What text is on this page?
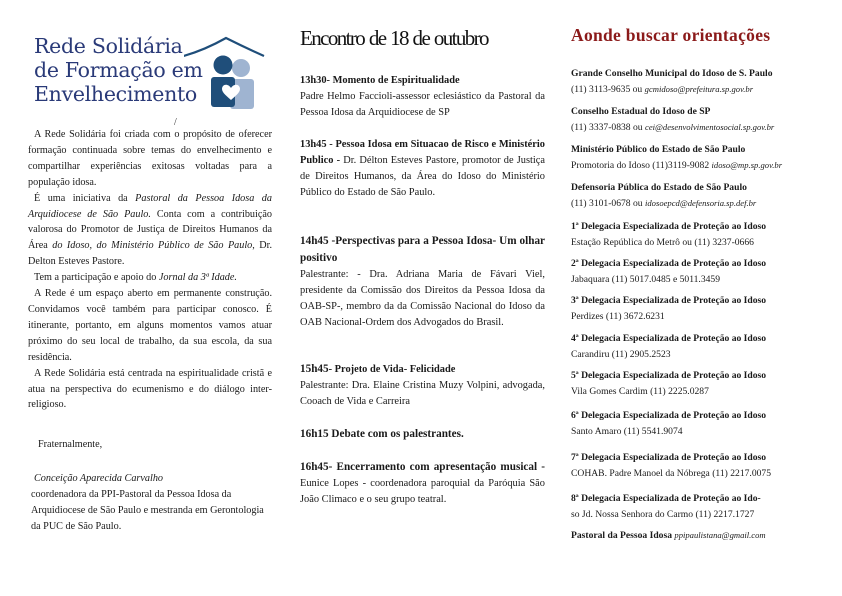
Rede Solidária
de Formação em
Envelhecimento
/

A Rede Solidária foi criada com o propósito de oferecer formação continuada sobre temas do envelhecimento e compartilhar experiências exitosas voltadas para a população idosa.

É uma iniciativa da Pastoral da Pessoa Idosa da Arquidiocese de São Paulo. Conta com a contribuição valorosa do Promotor de Justiça de Direitos Humanos da Área do Idoso, do Ministério Público de São Paulo, Dr. Delton Esteves Pastore.

Tem a participação e apoio do Jornal da 3ª Idade.

A Rede é um espaço aberto em permanente construção. Convidamos você também para participar conosco. É itinerante, portanto, em alguns momentos vamos atuar próximo do seu local de trabalho, da sua escola, da sua residência.

A Rede Solidária está centrada na espiritualidade cristã e atua na perspectiva do ecumenismo e do diálogo inter-religioso.

Fraternalmente,
Conceição Aparecida Carvalho
coordenadora da PPI-Pastoral da Pessoa Idosa da Arquidiocese de São Paulo e mestranda em Gerontologia da PUC de São Paulo.
Encontro de 18 de outubro
13h30- Momento de Espiritualidade
Padre Helmo Faccioli-assessor eclesiástico da Pastoral da Pessoa Idosa da Arquidiocese de SP
13h45 - Pessoa Idosa em Situacao de Risco e Ministério Publico - Dr. Délton Esteves Pastore, promotor de Justiça de Direitos Humanos, da Área do Idoso do Ministério Público do Estado de São Paulo.
14h45 -Perspectivas para a Pessoa Idosa- Um olhar positivo
Palestrante: - Dra. Adriana Maria de Fávari Viel, presidente da Comissão dos Direitos da Pessoa Idosa da OAB-SP-, membro da da Comissão Nacional do Idoso da OAB Nacional-Ordem dos Advogados do Brasil.
15h45- Projeto de Vida- Felicidade
Palestrante: Dra. Elaine Cristina Muzy Volpini, advogada, Cooach de Vida e Carreira
16h15 Debate com os palestrantes.
16h45- Encerramento com apresentação musical - Eunice Lopes - coordenadora paroquial da Paróquia São João Climaco e o seu grupo teatral.
Aonde buscar orientações
Grande Conselho Municipal do Idoso de S. Paulo
(11) 3113-9635 ou gcmidoso@prefeitura.sp.gov.br
Conselho Estadual do Idoso de SP
(11) 3337-0838 ou cei@desenvolvimentosocial.sp.gov.br
Ministério Público do Estado de São Paulo
Promotoria do Idoso (11)3119-9082 idoso@mp.sp.gov.br
Defensoria Pública do Estado de São Paulo
(11) 3101-0678 ou idosoepcd@defensoria.sp.def.br
1ª Delegacia Especializada de Proteção ao Idoso
Estação República do Metrô ou (11) 3237-0666
2ª Delegacia Especializada de Proteção ao Idoso
Jabaquara (11) 5017.0485 e 5011.3459
3ª Delegacia Especializada de Proteção ao Idoso
Perdizes (11) 3672.6231
4ª Delegacia Especializada de Proteção ao Idoso
Carandiru (11) 2905.2523
5ª Delegacia Especializada de Proteção ao Idoso
Vila Gomes Cardim (11) 2225.0287
6ª Delegacia Especializada de Proteção ao Idoso
Santo Amaro (11) 5541.9074
7ª Delegacia Especializada de Proteção ao Idoso
COHAB. Padre Manoel da Nóbrega (11) 2217.0075
8ª Delegacia Especializada de Proteção ao Ido-
so Jd. Nossa Senhora do Carmo (11) 2217.1727
Pastoral da Pessoa Idosa ppipaulistana@gmail.com
